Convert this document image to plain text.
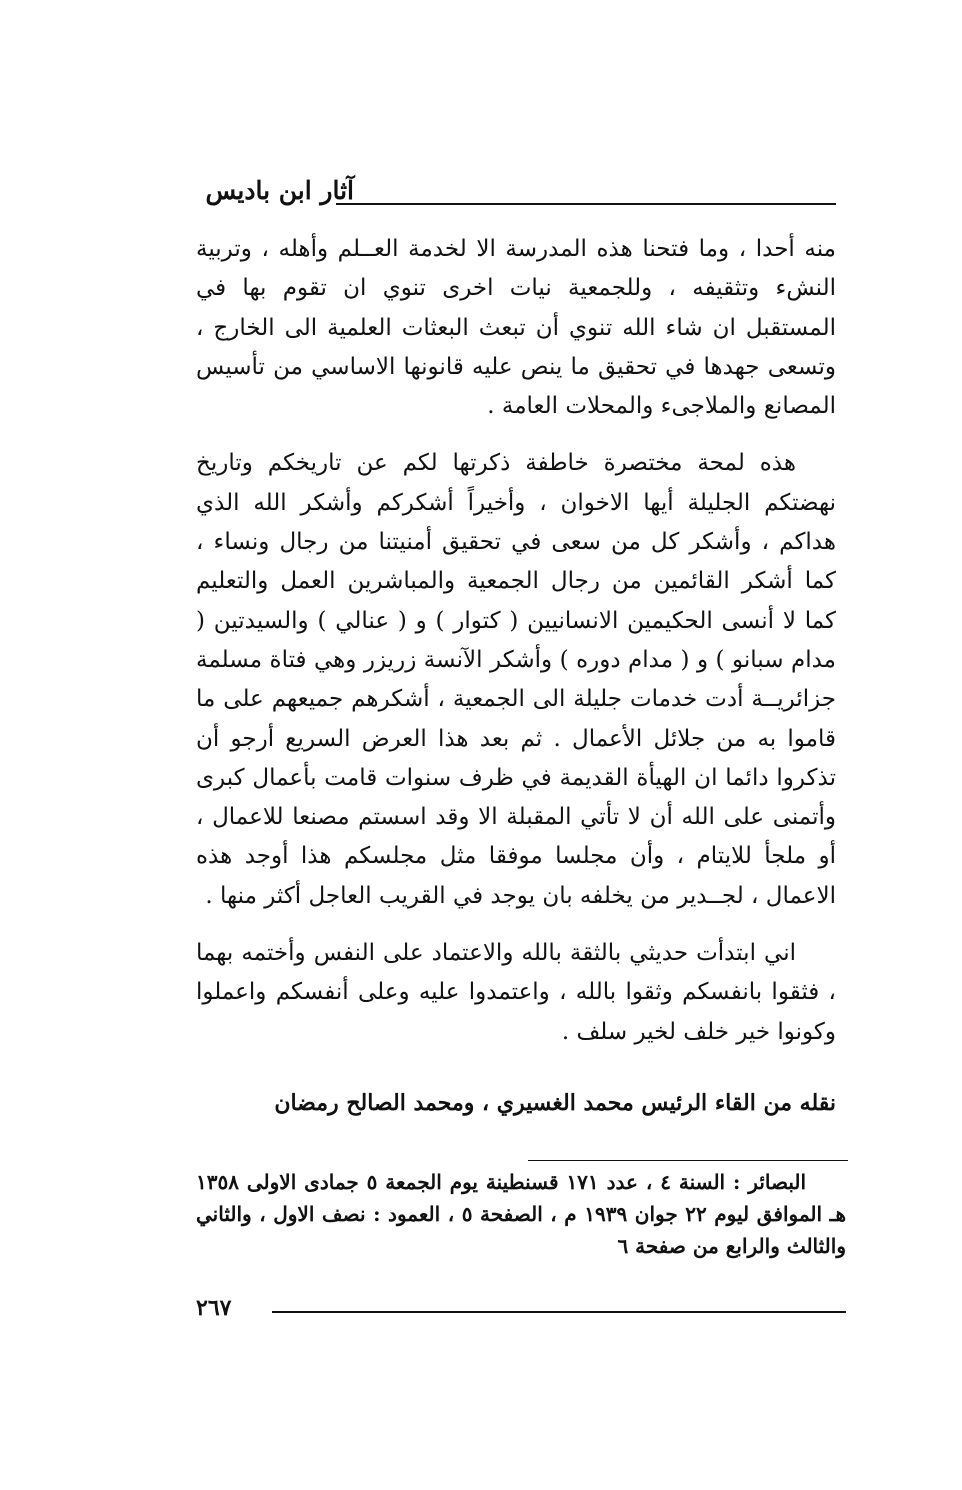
آثار ابن باديس

منه أحدا ، وما فتحنا هذه المدرسة الا لخدمة العــلم وأهله ، وتربية النشء وتثقيفه ، وللجمعية نيات اخرى تنوي ان تقوم بها في المستقبل ان شاء الله تنوي أن تبعث البعثات العلمية الى الخارج ، وتسعى جهدها في تحقيق ما ينص عليه قانونها الاساسي من تأسيس المصانع والملاجىء والمحلات العامة .

هذه لمحة مختصرة خاطفة ذكرتها لكم عن تاريخكم وتاريخ نهضتكم الجليلة أيها الاخوان ، وأخيراً أشكركم وأشكر الله الذي هداكم ، وأشكر كل من سعى في تحقيق أمنيتنا من رجال ونساء ، كما أشكر القائمين من رجال الجمعية والمباشرين العمل والتعليم كما لا أنسى الحكيمين الانسانيين ( كتوار ) و ( عنالي ) والسيدتين ( مدام سبانو ) و ( مدام دوره ) وأشكر الآنسة زريزر وهي فتاة مسلمة جزائريــة أدت خدمات جليلة الى الجمعية ، أشكرهم جميعهم على ما قاموا به من جلائل الأعمال . ثم بعد هذا العرض السريع أرجو أن تذكروا دائما ان الهيأة القديمة في ظرف سنوات قامت بأعمال كبرى وأتمنى على الله أن لا تأتي المقبلة الا وقد اسستم مصنعا للاعمال ، أو ملجأ للايتام ، وأن مجلسا موفقا مثل مجلسكم هذا أوجد هذه الاعمال ، لجــدير من يخلفه بان يوجد في القريب العاجل أكثر منها .

اني ابتدأت حديثي بالثقة بالله والاعتماد على النفس وأختمه بهما ، فثقوا بانفسكم وثقوا بالله ، واعتمدوا عليه وعلى أنفسكم واعملوا وكونوا خير خلف لخير سلف .

نقله من القاء الرئيس محمد الغسيري ، ومحمد الصالح رمضان
البصائر : السنة ٤ ، عدد ١٧١ قسنطينة يوم الجمعة ٥ جمادى الاولى ١٣٥٨ هـ الموافق ليوم ٢٢ جوان ١٩٣٩ م ، الصفحة ٥ ، العمود : نصف الاول ، والثاني والثالث والرابع من صفحة ٦
٢٦٧
